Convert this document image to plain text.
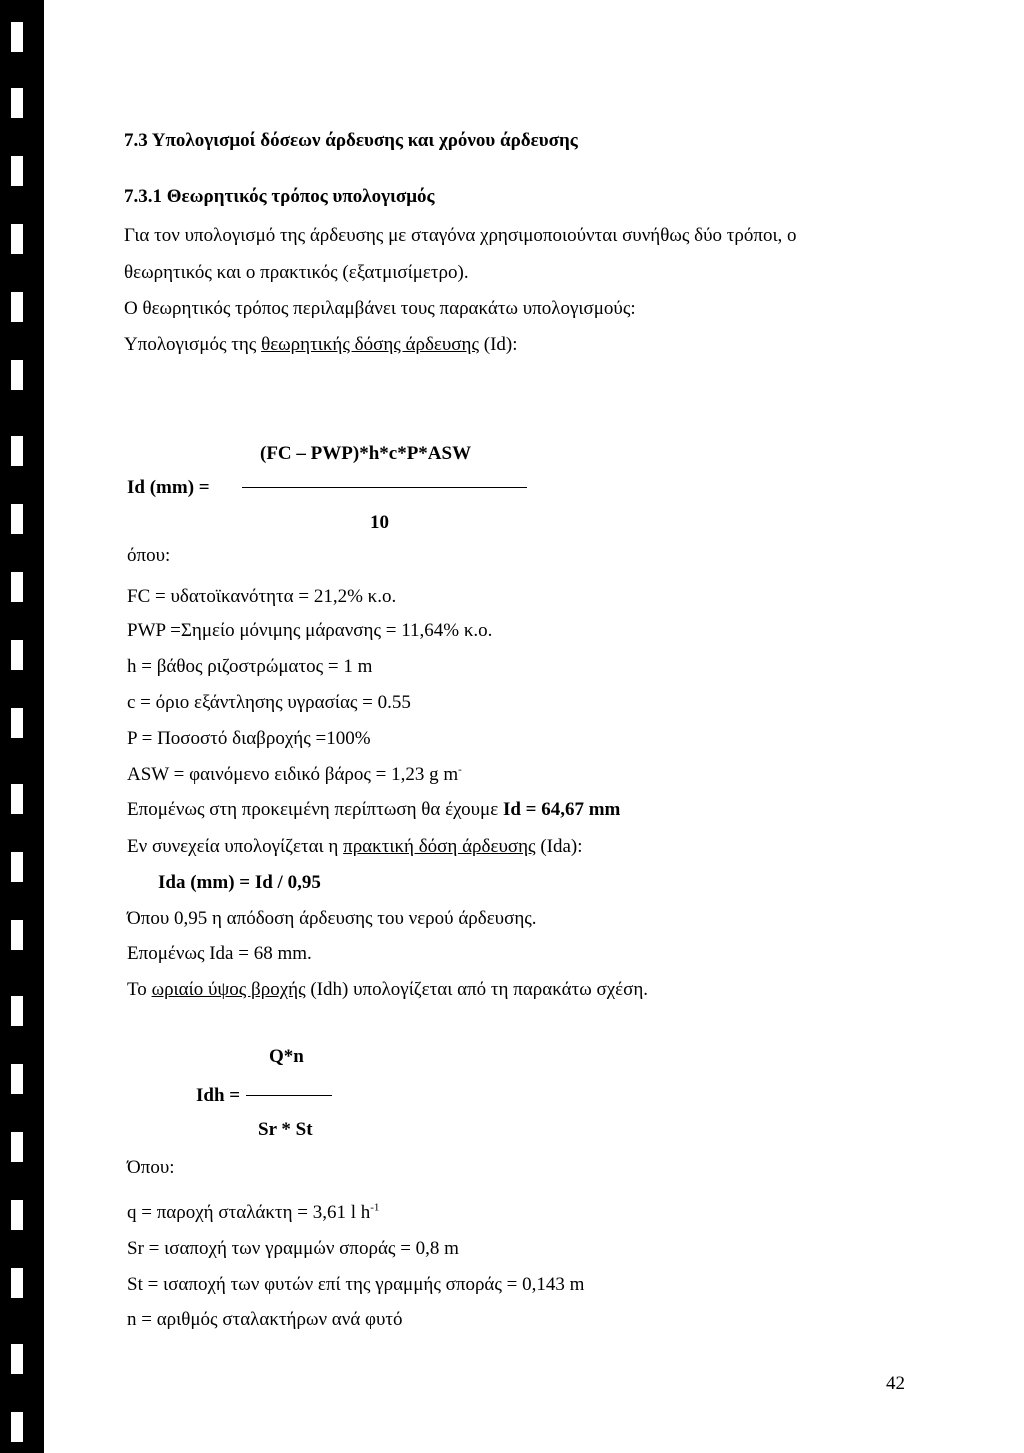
7.3 Υπολογισμοί δόσεων άρδευσης και χρόνου άρδευσης
7.3.1 Θεωρητικός τρόπος υπολογισμός
Για τον υπολογισμό της άρδευσης με σταγόνα χρησιμοποιούνται συνήθως δύο τρόποι, ο
θεωρητικός και ο πρακτικός (εξατμισίμετρο).
Ο θεωρητικός τρόπος περιλαμβάνει τους παρακάτω υπολογισμούς:
Υπολογισμός της θεωρητικής δόσης άρδευσης (Id):
(FC – PWP)*h*c*P*ASW
Id (mm) =
10
όπου:
FC = υδατοϊκανότητα = 21,2% κ.ο.
PWP =Σημείο μόνιμης μάρανσης = 11,64% κ.ο.
h = βάθος ριζοστρώματος = 1 m
c = όριο εξάντλησης υγρασίας = 0.55
P = Ποσοστό διαβροχής =100%
ASW = φαινόμενο ειδικό βάρος = 1,23 g m-
Επομένως στη προκειμένη περίπτωση θα έχουμε Id = 64,67 mm
Εν συνεχεία υπολογίζεται η πρακτική δόση άρδευσης (Ida):
Ida (mm) = Id / 0,95
Όπου 0,95 η απόδοση άρδευσης του νερού άρδευσης.
Επομένως Ida = 68 mm.
Το ωριαίο ύψος βροχής (Idh) υπολογίζεται από τη παρακάτω σχέση.
Q*n
Idh =
Sr * St
Όπου:
q = παροχή σταλάκτη = 3,61 l $h^{-1}$
Sr = ισαποχή των γραμμών σποράς = 0,8 m
St = ισαποχή των φυτών επί της γραμμής σποράς = 0,143 m
n = αριθμός σταλακτήρων ανά φυτό
42
